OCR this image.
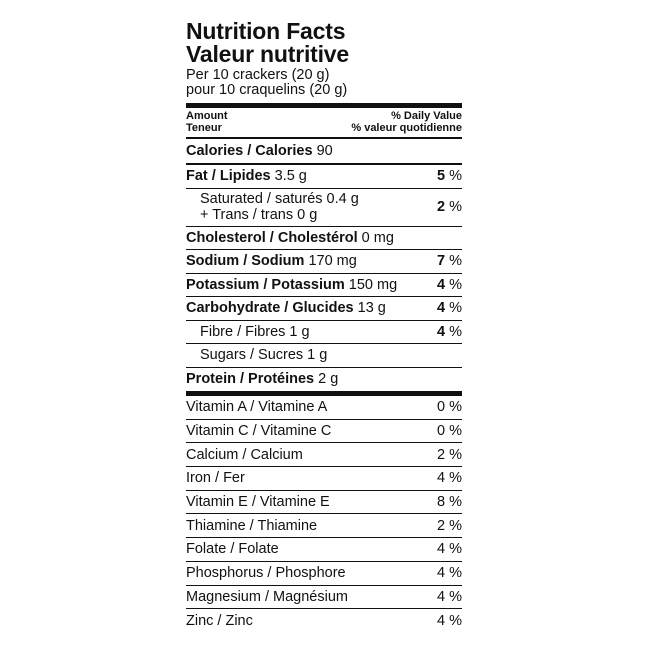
Nutrition Facts
Valeur nutritive
Per 10 crackers (20 g)
pour 10 craquelins (20 g)
Amount
Teneur
% Daily Value
% valeur quotidienne
Calories / Calories 90
Fat / Lipides 3.5 g	5 %
Saturated / saturés 0.4 g
+ Trans / trans 0 g	2 %
Cholesterol / Cholestérol 0 mg
Sodium / Sodium 170 mg	7 %
Potassium / Potassium 150 mg	4 %
Carbohydrate / Glucides 13 g	4 %
Fibre / Fibres 1 g	4 %
Sugars / Sucres 1 g
Protein / Protéines 2 g
Vitamin A / Vitamine A	0 %
Vitamin C / Vitamine C	0 %
Calcium / Calcium	2 %
Iron / Fer	4 %
Vitamin E / Vitamine E	8 %
Thiamine / Thiamine	2 %
Folate / Folate	4 %
Phosphorus / Phosphore	4 %
Magnesium / Magnésium	4 %
Zinc / Zinc	4 %
